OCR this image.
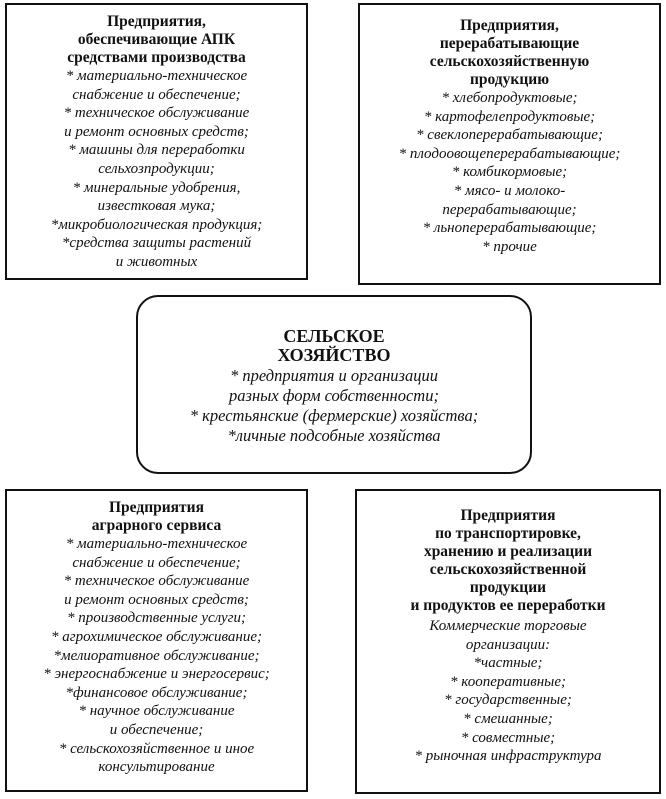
Предприятия,
обеспечивающие АПК
средствами производства
* материально-техническое
снабжение и обеспечение;
* техническое обслуживание
и ремонт основных средств;
* машины для переработки
сельхозпродукции;
* минеральные удобрения,
известковая мука;
*микробиологическая продукция;
*средства защиты растений
и животных
Предприятия,
перерабатывающие
сельскохозяйственную
продукцию
* хлебопродуктовые;
* картофелепродуктовые;
* свеклоперерабатывающие;
* плодоовощеперерабатывающие;
* комбикормовые;
* мясо- и молоко-
перерабатывающие;
* льноперерабатывающие;
* прочие
СЕЛЬСКОЕ
ХОЗЯЙСТВО
* предприятия и организации
разных форм собственности;
* крестьянские (фермерские) хозяйства;
*личные подсобные хозяйства
Предприятия
аграрного сервиса
* материально-техническое
снабжение и обеспечение;
* техническое обслуживание
и ремонт основных средств;
* производственные услуги;
* агрохимическое обслуживание;
*мелиоративное обслуживание;
* энергоснабжение и энергосервис;
*финансовое обслуживание;
* научное обслуживание
и обеспечение;
* сельскохозяйственное и иное
консультирование
Предприятия
по транспортировке,
хранению и реализации
сельскохозяйственной
продукции
и продуктов ее переработки
Коммерческие торговые
организации:
*частные;
* кооперативные;
* государственные;
* смешанные;
* совместные;
* рыночная инфраструктура
